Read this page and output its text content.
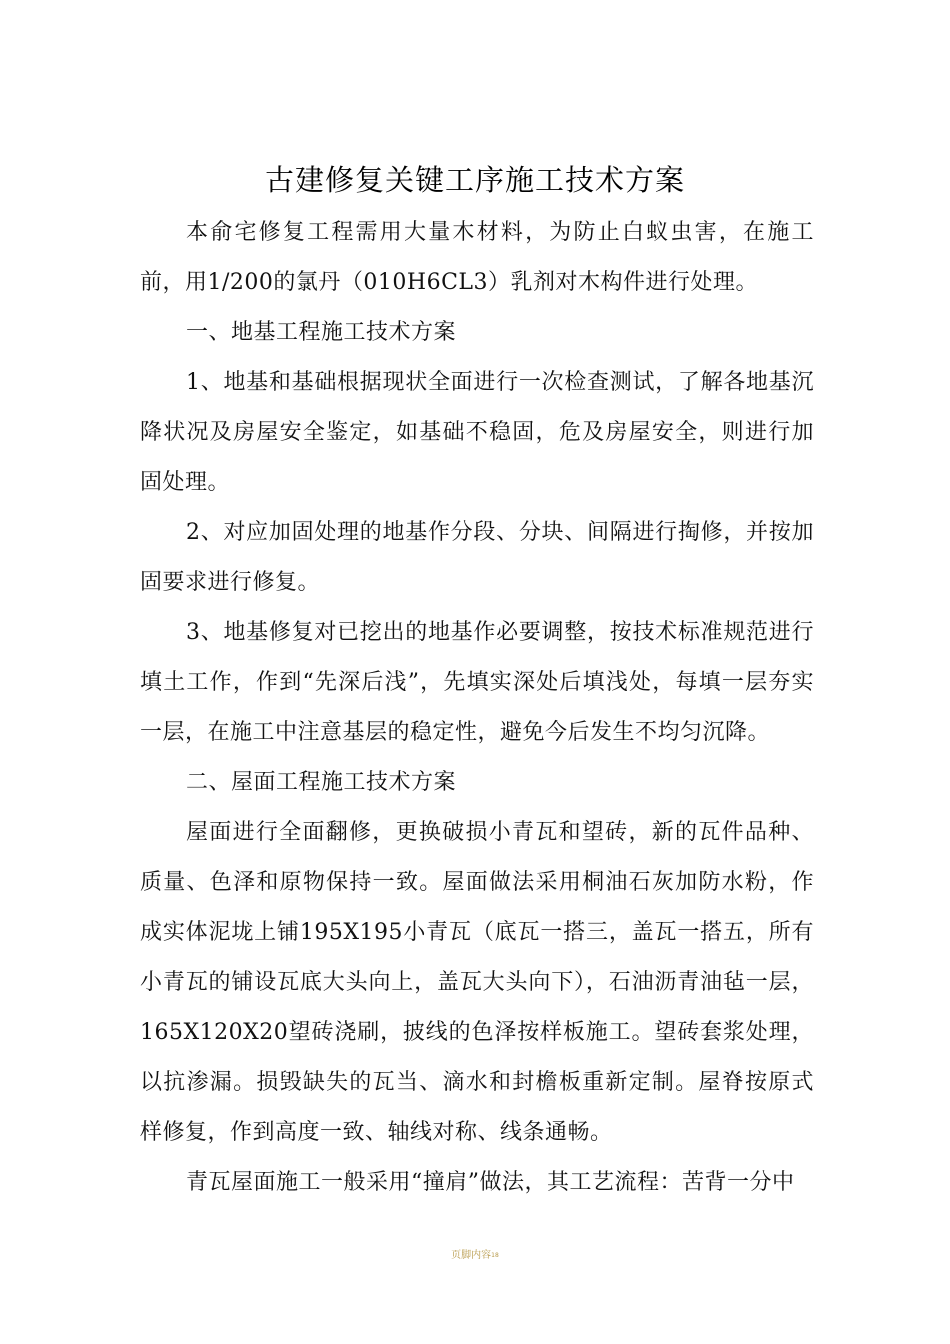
古建修复关键工序施工技术方案

本俞宅修复工程需用大量木材料，为防止白蚁虫害，在施工前，用1/200的氯丹（010H6CL3）乳剂对木构件进行处理。

一、地基工程施工技术方案

1、地基和基础根据现状全面进行一次检查测试，了解各地基沉降状况及房屋安全鉴定，如基础不稳固，危及房屋安全，则进行加固处理。

2、对应加固处理的地基作分段、分块、间隔进行掏修，并按加固要求进行修复。

3、地基修复对已挖出的地基作必要调整，按技术标准规范进行填土工作，作到“先深后浅”，先填实深处后填浅处，每填一层夯实一层，在施工中注意基层的稳定性，避免今后发生不均匀沉降。

二、屋面工程施工技术方案

屋面进行全面翻修，更换破损小青瓦和望砖，新的瓦件品种、质量、色泽和原物保持一致。屋面做法采用桐油石灰加防水粉，作成实体泥垅上铺195X195小青瓦（底瓦一搭三，盖瓦一搭五，所有小青瓦的铺设瓦底大头向上，盖瓦大头向下），石油沥青油毡一层，165X120X20望砖浇刷，披线的色泽按样板施工。望砖套浆处理，以抗渗漏。损毁缺失的瓦当、滴水和封檐板重新定制。屋脊按原式样修复，作到高度一致、轴线对称、线条通畅。

青瓦屋面施工一般采用“撞肩”做法，其工艺流程：苦背一分中

页脚内容$^{18}$
